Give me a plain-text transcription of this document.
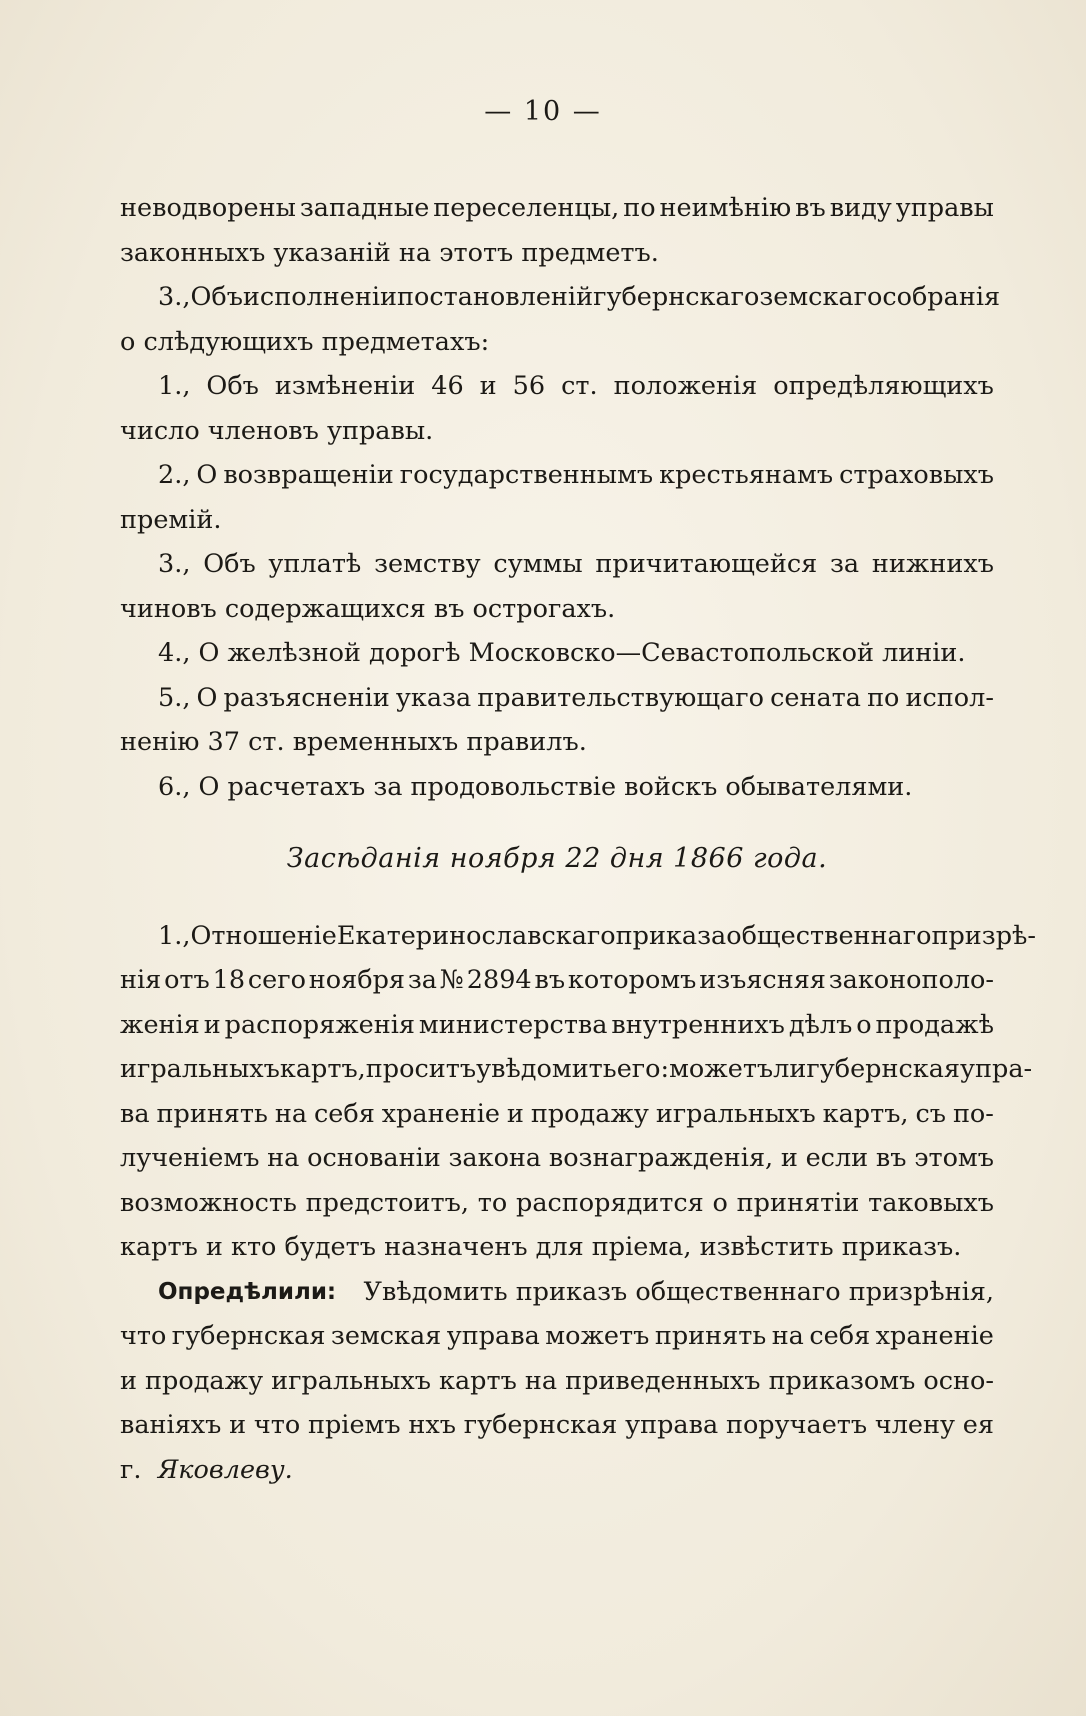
— 10 —
неводворены западные переселенцы, по неимѣнію въ виду управы
законныхъ указаній на этотъ предметъ.
3., Объ исполненіи постановленій губернскаго земскаго собранія
о слѣдующихъ предметахъ:
1., Объ измѣненіи 46 и 56 ст. положенія опредѣляющихъ
число членовъ управы.
2., О возвращеніи государственнымъ крестьянамъ страховыхъ
премій.
3., Объ уплатѣ земству суммы причитающейся за нижнихъ
чиновъ содержащихся въ острогахъ.
4., О желѣзной дорогѣ Московско—Севастопольской линіи.
5., О разъясненіи указа правительствующаго сената по испол-
ненію 37 ст. временныхъ правилъ.
6., О расчетахъ за продовольствіе войскъ обывателями.
Засѣданія ноября 22 дня 1866 года.
1., Отношеніе Екатеринославскаго приказа общественнаго призрѣ-
нія отъ 18 сего ноября за № 2894 въ которомъ изъясняя законополо-
женія и распоряженія министерства внутреннихъ дѣлъ о продажѣ
игральныхъ картъ, проситъ увѣдомить его: можетъли губернская упра-
ва принять на себя храненіе и продажу игральныхъ картъ, съ по-
лученіемъ на основаніи закона вознагражденія, и если въ этомъ
возможность предстоитъ, то распорядится о принятіи таковыхъ
картъ и кто будетъ назначенъ для пріема, извѣстить приказъ.
Опредѣлили: Увѣдомить приказъ общественнаго призрѣнія,
что губернская земская управа можетъ принять на себя храненіе
и продажу игральныхъ картъ на приведенныхъ приказомъ осно-
ваніяхъ и что пріемъ нхъ губернская управа поручаетъ члену ея
г.
Яковлеву.
